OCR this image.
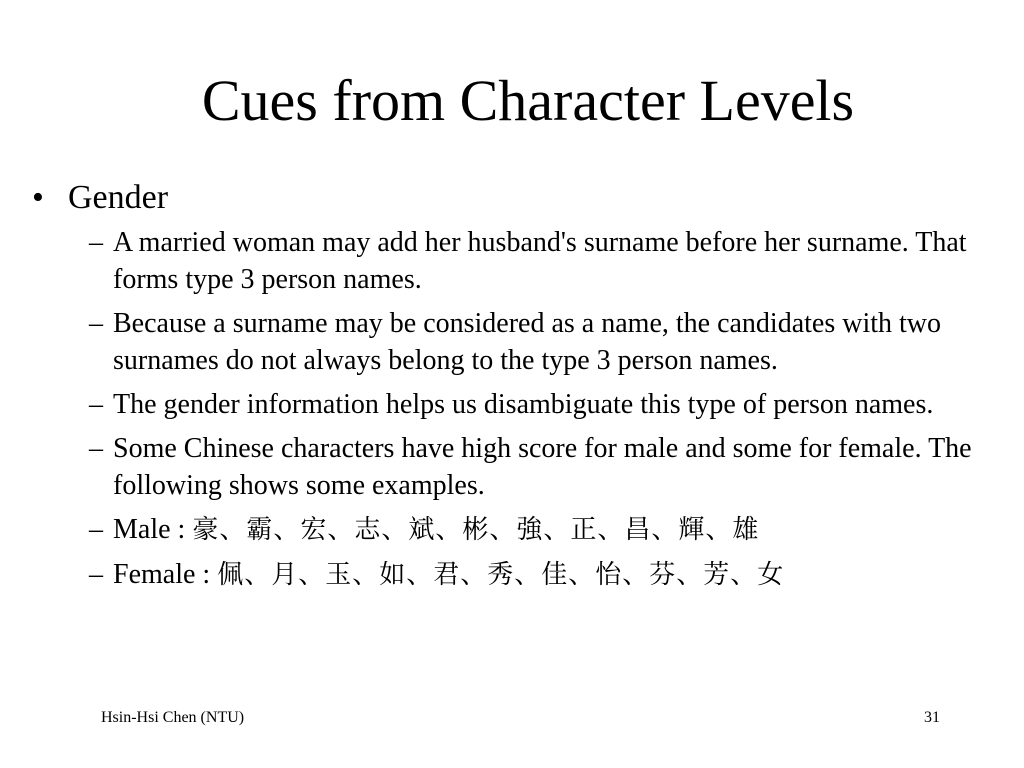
Cues from Character Levels
• Gender
– A married woman may add her husband's surname before her surname. That forms type 3 person names.
– Because a surname may be considered as a name, the candidates with two surnames do not always belong to the type 3 person names.
– The gender information helps us disambiguate this type of person names.
– Some Chinese characters have high score for male and some for female. The following shows some examples.
– Male : 豪、霸、宏、志、斌、彬、強、正、昌、輝、雄
– Female : 佩、月、玉、如、君、秀、佳、怡、芬、芳、女
Hsin-Hsi Chen (NTU)	31
